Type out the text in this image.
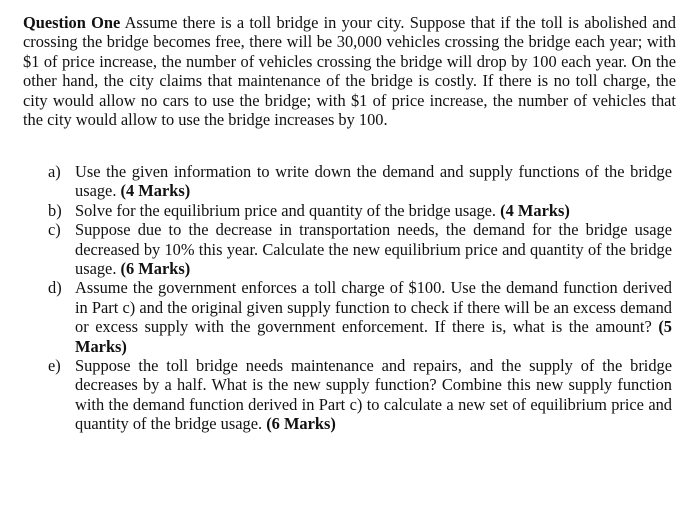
Question One Assume there is a toll bridge in your city. Suppose that if the toll is abolished and crossing the bridge becomes free, there will be 30,000 vehicles crossing the bridge each year; with $1 of price increase, the number of vehicles crossing the bridge will drop by 100 each year. On the other hand, the city claims that maintenance of the bridge is costly. If there is no toll charge, the city would allow no cars to use the bridge; with $1 of price increase, the number of vehicles that the city would allow to use the bridge increases by 100.

a) Use the given information to write down the demand and supply functions of the bridge usage. (4 Marks)
b) Solve for the equilibrium price and quantity of the bridge usage. (4 Marks)
c) Suppose due to the decrease in transportation needs, the demand for the bridge usage decreased by 10% this year. Calculate the new equilibrium price and quantity of the bridge usage. (6 Marks)
d) Assume the government enforces a toll charge of $100. Use the demand function derived in Part c) and the original given supply function to check if there will be an excess demand or excess supply with the government enforcement. If there is, what is the amount? (5 Marks)
e) Suppose the toll bridge needs maintenance and repairs, and the supply of the bridge decreases by a half. What is the new supply function? Combine this new supply function with the demand function derived in Part c) to calculate a new set of equilibrium price and quantity of the bridge usage. (6 Marks)
